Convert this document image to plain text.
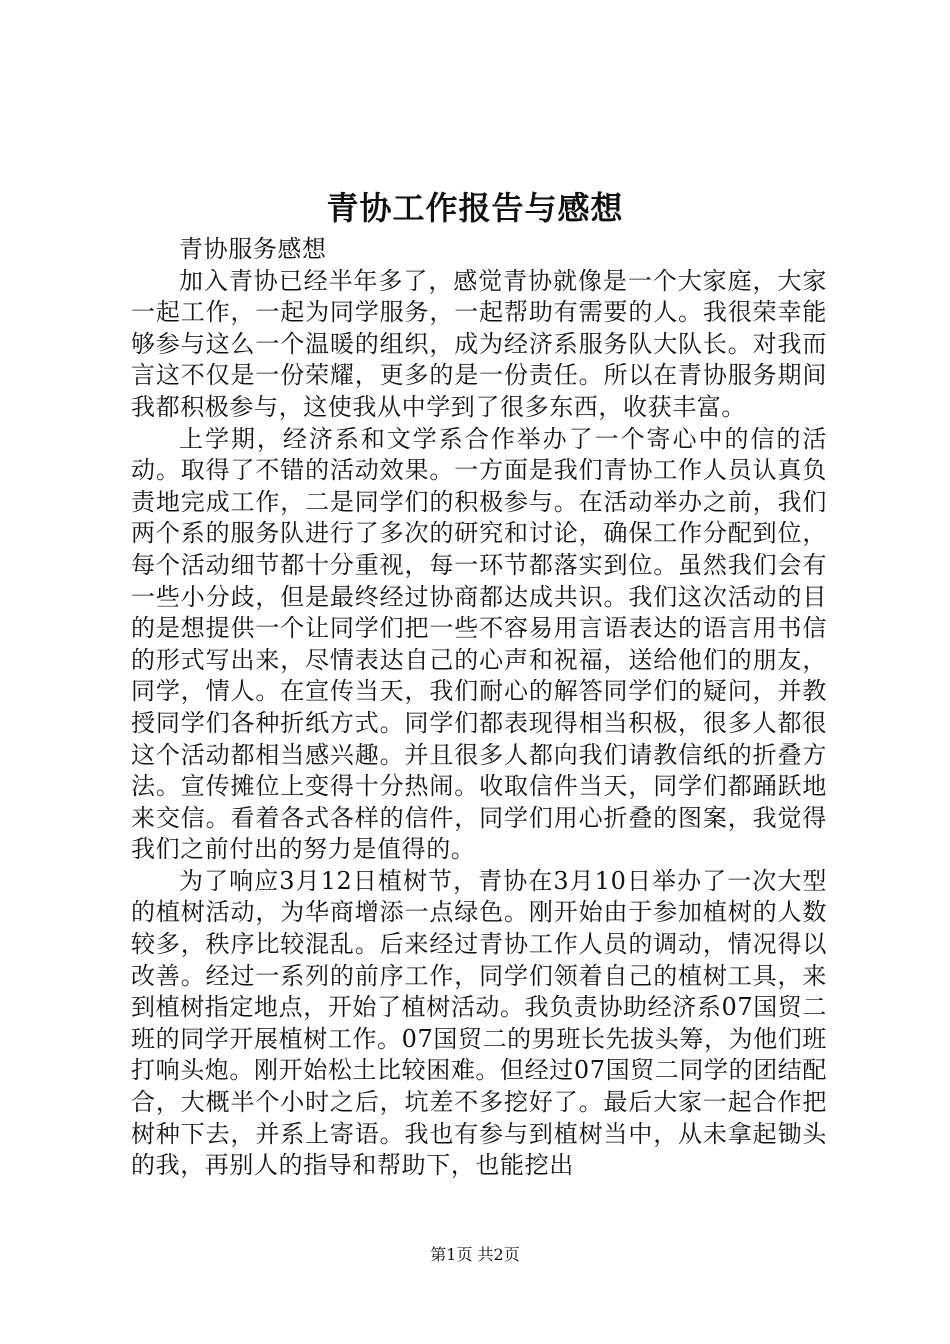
青协工作报告与感想

青协服务感想

加入青协已经半年多了，感觉青协就像是一个大家庭，大家一起工作，一起为同学服务，一起帮助有需要的人。我很荣幸能够参与这么一个温暖的组织，成为经济系服务队大队长。对我而言这不仅是一份荣耀，更多的是一份责任。所以在青协服务期间我都积极参与，这使我从中学到了很多东西，收获丰富。

上学期，经济系和文学系合作举办了一个寄心中的信的活动。取得了不错的活动效果。一方面是我们青协工作人员认真负责地完成工作，二是同学们的积极参与。在活动举办之前，我们两个系的服务队进行了多次的研究和讨论，确保工作分配到位，每个活动细节都十分重视，每一环节都落实到位。虽然我们会有一些小分歧，但是最终经过协商都达成共识。我们这次活动的目的是想提供一个让同学们把一些不容易用言语表达的语言用书信的形式写出来，尽情表达自己的心声和祝福，送给他们的朋友，同学，情人。在宣传当天，我们耐心的解答同学们的疑问，并教授同学们各种折纸方式。同学们都表现得相当积极，很多人都很这个活动都相当感兴趣。并且很多人都向我们请教信纸的折叠方法。宣传摊位上变得十分热闹。收取信件当天，同学们都踊跃地来交信。看着各式各样的信件，同学们用心折叠的图案，我觉得我们之前付出的努力是值得的。

为了响应3月12日植树节，青协在3月10日举办了一次大型的植树活动，为华商增添一点绿色。刚开始由于参加植树的人数较多，秩序比较混乱。后来经过青协工作人员的调动，情况得以改善。经过一系列的前序工作，同学们领着自己的植树工具，来到植树指定地点，开始了植树活动。我负责协助经济系07国贸二班的同学开展植树工作。07国贸二的男班长先拔头筹，为他们班打响头炮。刚开始松土比较困难。但经过07国贸二同学的团结配合，大概半个小时之后，坑差不多挖好了。最后大家一起合作把树种下去，并系上寄语。我也有参与到植树当中，从未拿起锄头的我，再别人的指导和帮助下，也能挖出

第1页 共2页
